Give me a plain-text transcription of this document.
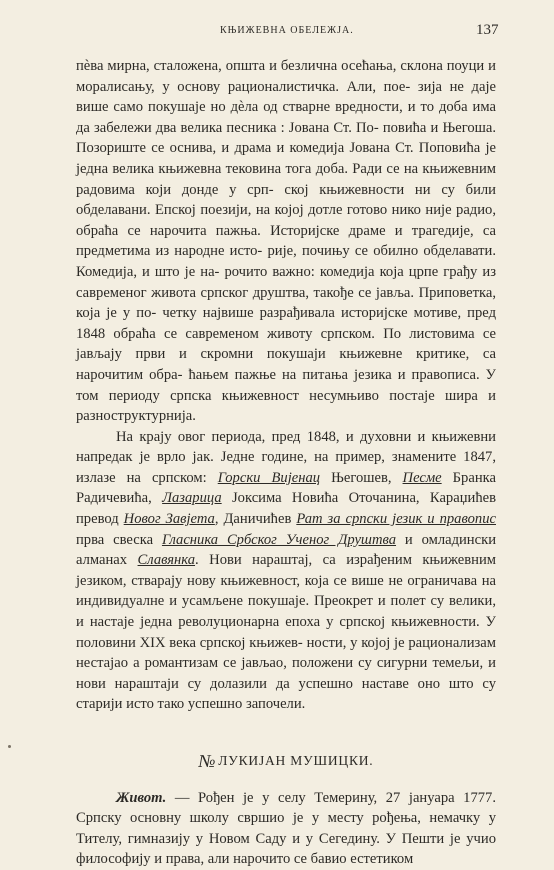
КЊИЖЕВНА ОБЕЛЕЖЈА.	137

пѐва мирна, сталожена, општа и безлична осећања, склона поуци и моралисању, у основу рационалистичка. Али, пое- зија не даје више само покушаје но дѐла од стварне вредности, и то доба има да забележи два велика песника : Јована Ст. По- повића и Његоша. Позориште се оснива, и драма и комедија Јована Ст. Поповића је једна велика књижевна тековина тога доба. Ради се на књижевним радовима који донде у срп- ској књижевности ни су били обделавани. Епској поезији, на којој дотле готово нико није радио, обраћа се нарочита пажња. Историјске драме и трагедије, са предметима из народне исто- рије, почињу се обилно обделавати. Комедија, и што је на- рочито важно: комедија која црпе грађу из савремeног живота српског друштва, такође се јавља. Приповетка, која је у по- четку највише разрађивала историјске мотиве, пред 1848 обраћа се савременом животу српском. По листовима се јављају први и скромни покушаји књижевне критике, са нарочитим обра- ћањем пажње на питања језика и правописа. У том периоду српска књижевност несумњиво постаје шира и разноструктурнија.

На крају овог периода, пред 1848, и духовни и књижевни напредак је врло јак. Једне године, на пример, знамените 1847, излазе на српском: Горски Вијенац Његошев, Песме Бранка Радичевића, Лазарица Јоксима Новића Оточанина, Караџићев превод Новог Завјета, Даничићев Рат за српски језик и правопис прва свеска Гласника Србског Ученог Друштва и омладински алманах Славянка. Нови нараштај, са израђеним књижевним језиком, стварају нову књижевност, која се више не ограничава на индивидуалне и усамљене покушаје. Преокрет и полет су велики, и настаје једна револуционарна епоха у српској књижевности. У половини XIX века српској књижев- ности, у којој је рационализам нестајао а романтизам се јављао, положени су сигурни темељи, и нови нараштаји су долазили да успешно наставе оно што су старији исто тако успешно започели.

№ ЛУКИЈАН МУШИЦКИ.

Живот. — Рођен је у селу Темерину, 27 јануара 1777. Српску основну школу свршио је у месту рођења, немачку у Тителу, гимназију у Новом Саду и у Сегедину. У Пешти је учио философију и права, али нарочито се бавио естетиком
